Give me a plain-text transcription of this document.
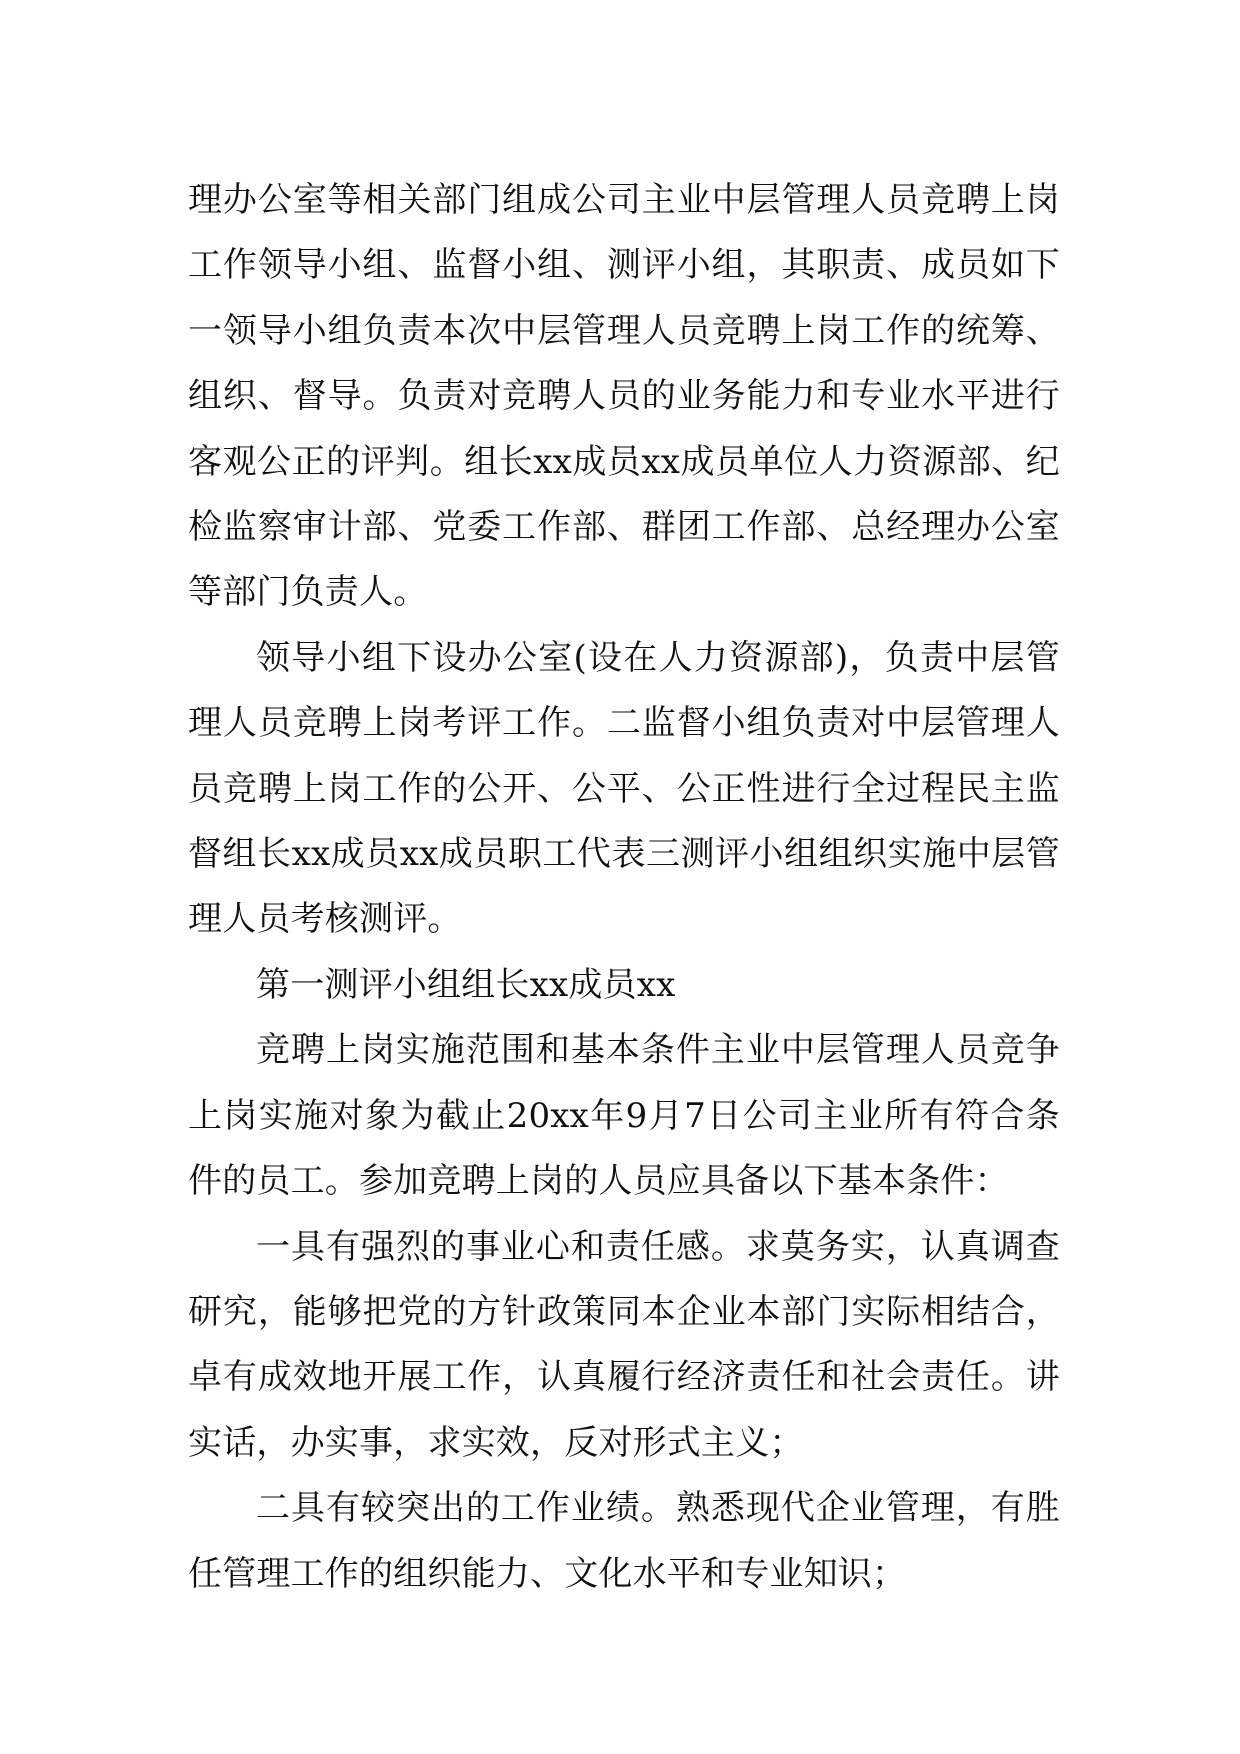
理办公室等相关部门组成公司主业中层管理人员竞聘上岗工作领导小组、监督小组、测评小组，其职责、成员如下一领导小组负责本次中层管理人员竞聘上岗工作的统筹、组织、督导。负责对竞聘人员的业务能力和专业水平进行客观公正的评判。组长xx成员xx成员单位人力资源部、纪检监察审计部、党委工作部、群团工作部、总经理办公室等部门负责人。

领导小组下设办公室(设在人力资源部)，负责中层管理人员竞聘上岗考评工作。二监督小组负责对中层管理人员竞聘上岗工作的公开、公平、公正性进行全过程民主监督组长xx成员xx成员职工代表三测评小组组织实施中层管理人员考核测评。

第一测评小组组长xx成员xx

竞聘上岗实施范围和基本条件主业中层管理人员竞争上岗实施对象为截止20xx年9月7日公司主业所有符合条件的员工。参加竞聘上岗的人员应具备以下基本条件：

一具有强烈的事业心和责任感。求莫务实，认真调查研究，能够把党的方针政策同本企业本部门实际相结合，卓有成效地开展工作，认真履行经济责任和社会责任。讲实话，办实事，求实效，反对形式主义；

二具有较突出的工作业绩。熟悉现代企业管理，有胜任管理工作的组织能力、文化水平和专业知识；
